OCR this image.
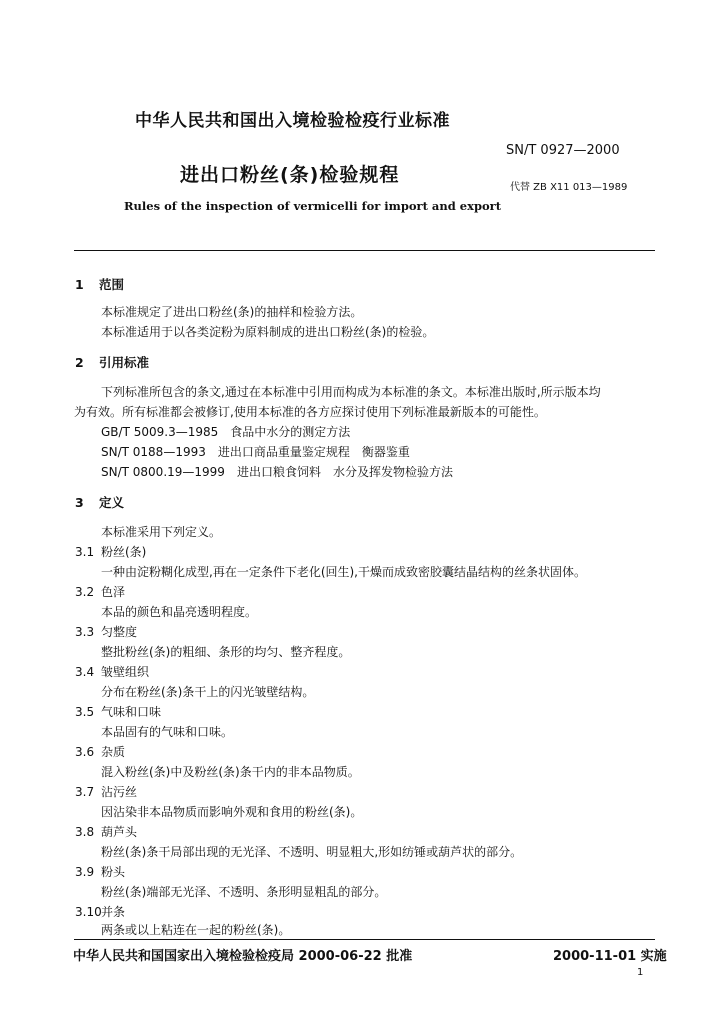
中华人民共和国出入境检验检疫行业标准
SN/T 0927—2000
进出口粉丝(条)检验规程
代替 ZB X11 013—1989
Rules of the inspection of vermicelli for import and export
1 范围
本标准规定了进出口粉丝(条)的抽样和检验方法。
本标准适用于以各类淀粉为原料制成的进出口粉丝(条)的检验。
2 引用标准
下列标准所包含的条文,通过在本标准中引用而构成为本标准的条文。本标准出版时,所示版本均
为有效。所有标准都会被修订,使用本标准的各方应探讨使用下列标准最新版本的可能性。
GB/T 5009.3—1985　食品中水分的测定方法
SN/T 0188—1993　进出口商品重量鉴定规程　衡器鉴重
SN/T 0800.19—1999　进出口粮食饲料　水分及挥发物检验方法
3 定义
本标准采用下列定义。
3.1 粉丝(条)
一种由淀粉糊化成型,再在一定条件下老化(回生),干燥而成致密胶囊结晶结构的丝条状固体。
3.2 色泽
本品的颜色和晶亮透明程度。
3.3 匀整度
整批粉丝(条)的粗细、条形的均匀、整齐程度。
3.4 皱壁组织
分布在粉丝(条)条干上的闪光皱壁结构。
3.5 气味和口味
本品固有的气味和口味。
3.6 杂质
混入粉丝(条)中及粉丝(条)条干内的非本品物质。
3.7 沾污丝
因沾染非本品物质而影响外观和食用的粉丝(条)。
3.8 葫芦头
粉丝(条)条干局部出现的无光泽、不透明、明显粗大,形如纺锤或葫芦状的部分。
3.9 粉头
粉丝(条)端部无光泽、不透明、条形明显粗乱的部分。
3.10并条
两条或以上粘连在一起的粉丝(条)。
中华人民共和国国家出入境检验检疫局 2000-06-22 批准	2000-11-01 实施
1
